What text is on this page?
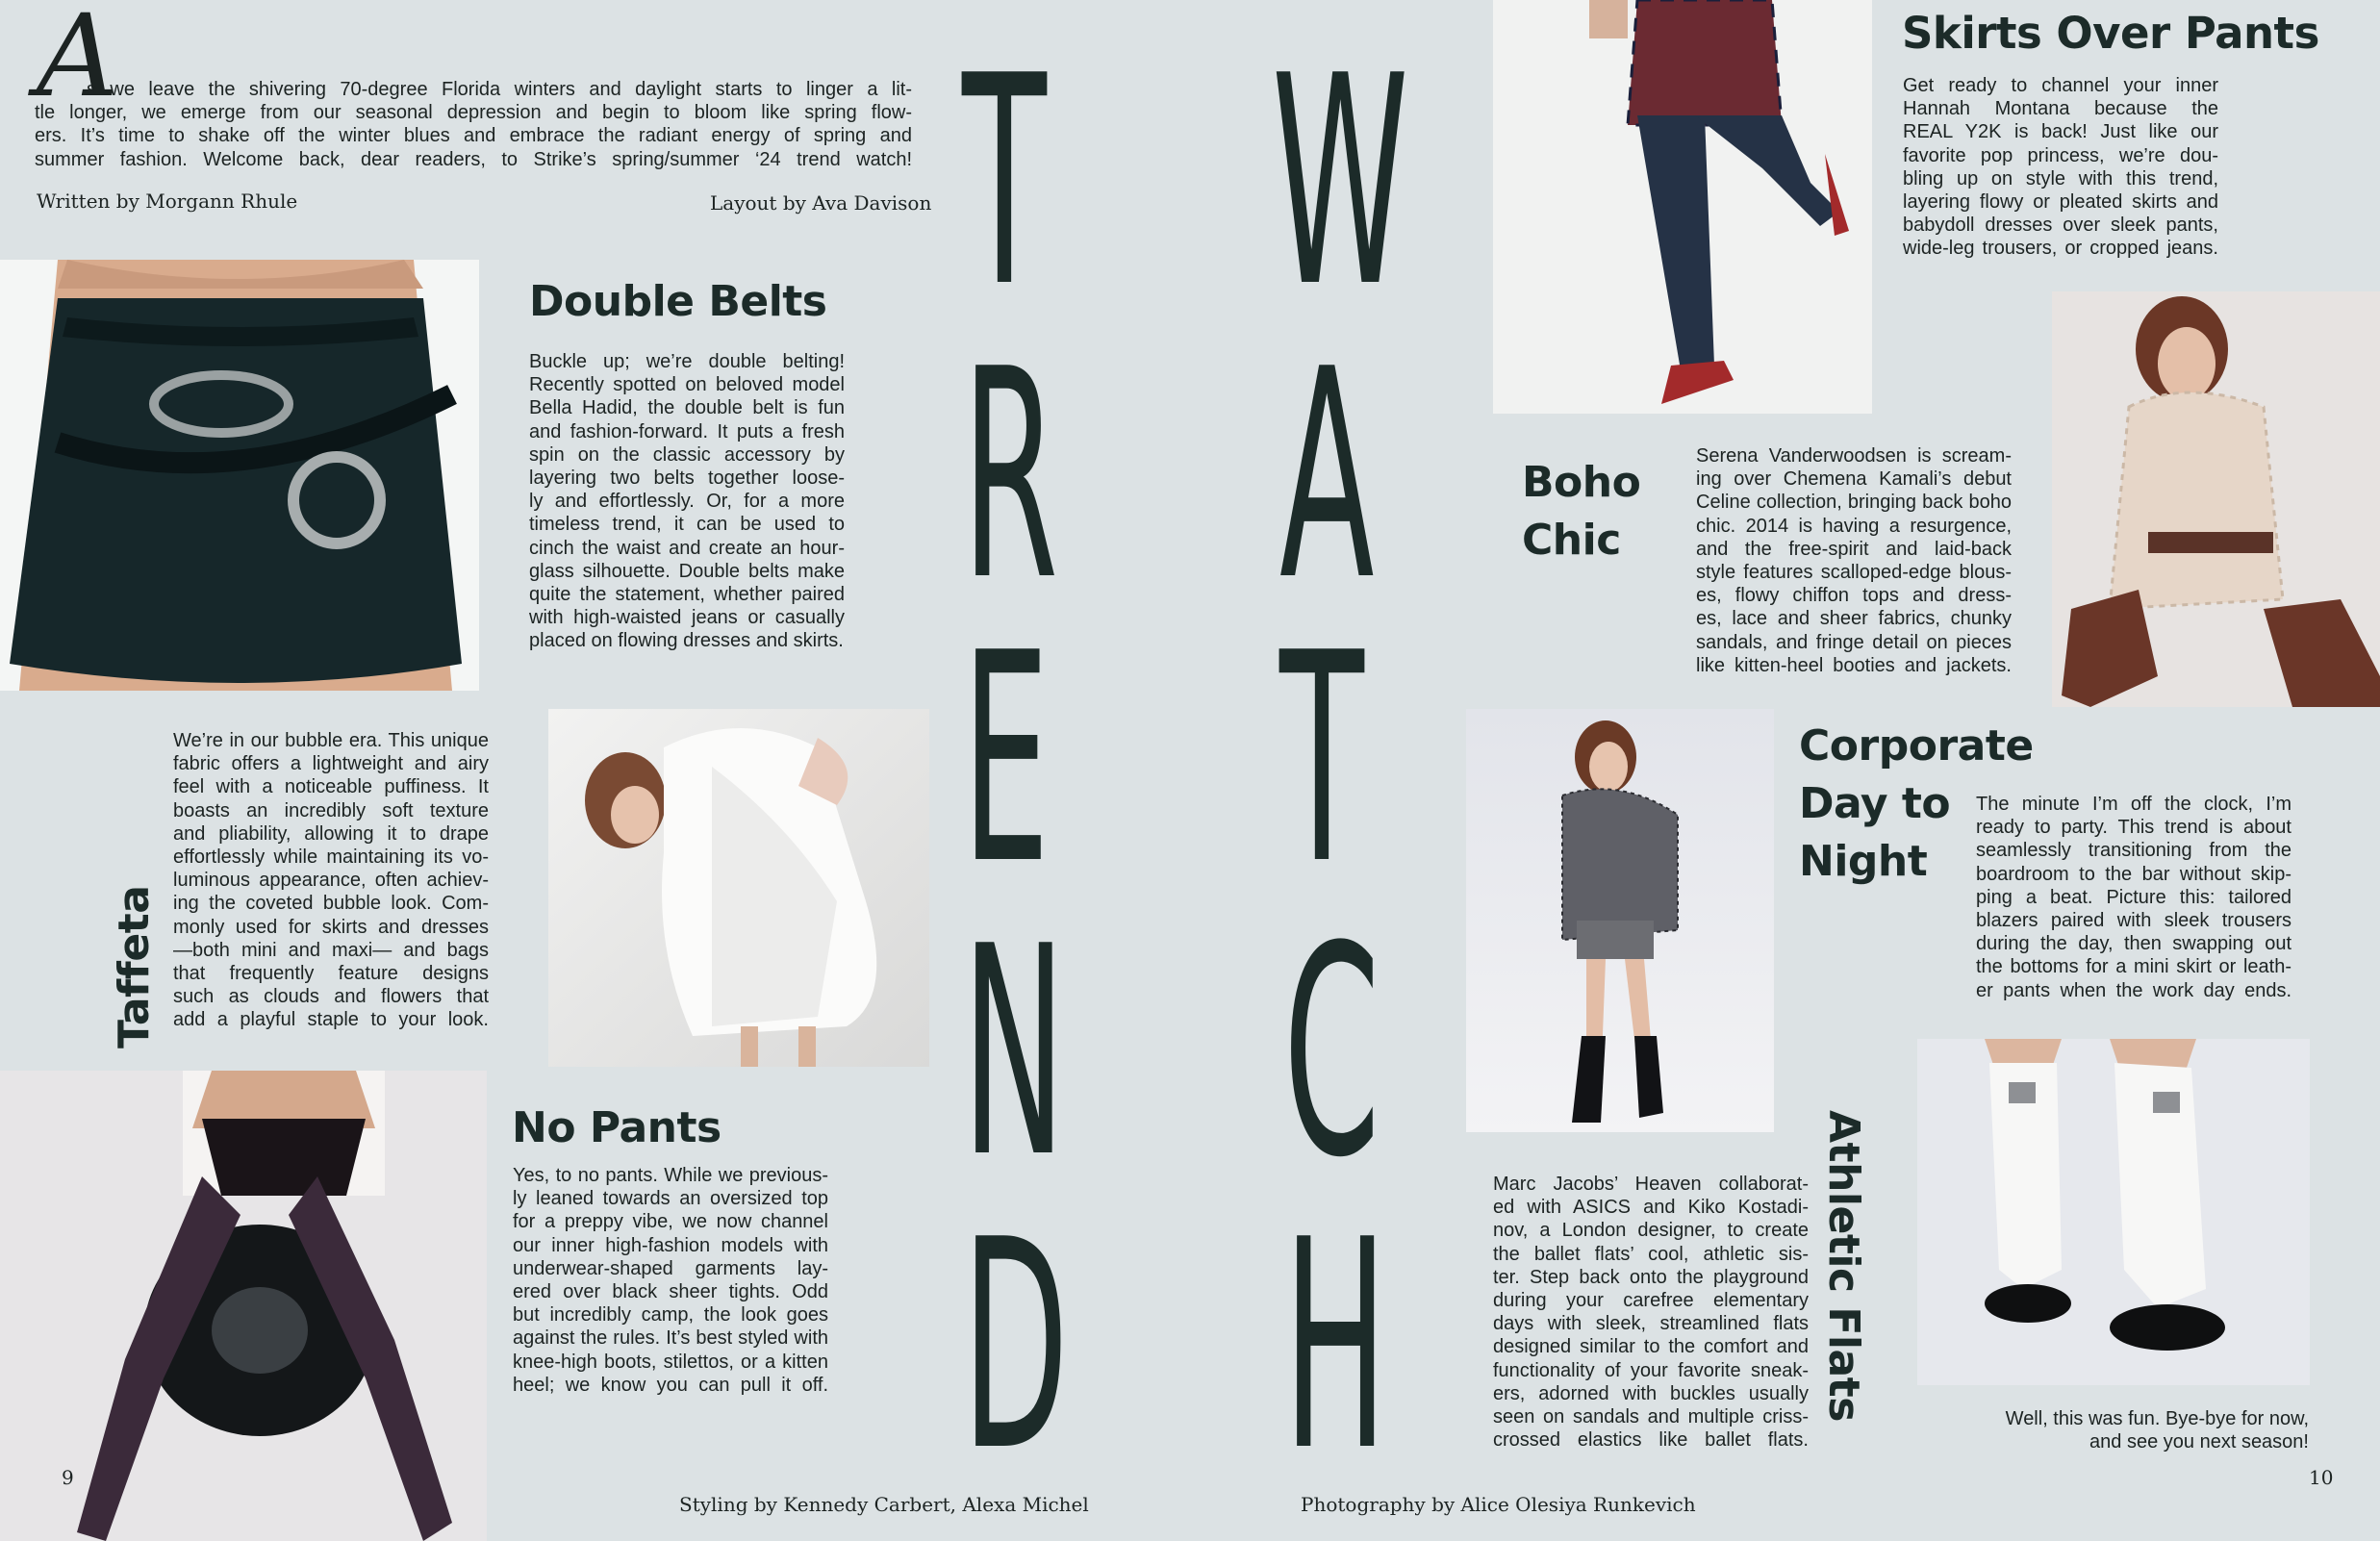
A
s we leave the shivering 70-degree Florida winters and daylight starts to linger a lit-
tle longer, we emerge from our seasonal depression and begin to bloom like spring flow-
ers. It’s time to shake off the winter blues and embrace the radiant energy of spring and
summer fashion. Welcome back, dear readers, to Strike’s spring/summer ‘24 trend watch!
Written by Morgann Rhule	Layout by Ava Davison T
R
E
N
D
W
A
T
C
H
Double Belts
Buckle up; we’re double belting!
Recently spotted on beloved model
Bella Hadid, the double belt is fun
and fashion-forward. It puts a fresh
spin on the classic accessory by
layering two belts together loose-
ly and effortlessly. Or, for a more
timeless trend, it can be used to
cinch the waist and create an hour-
glass silhouette. Double belts make
quite the statement, whether paired
with high-waisted jeans or casually
placed on flowing dresses and skirts.
Taffeta
We’re in our bubble era. This unique
fabric offers a lightweight and airy
feel with a noticeable puffiness. It
boasts an incredibly soft texture
and pliability, allowing it to drape
effortlessly while maintaining its vo-
luminous appearance, often achiev-
ing the coveted bubble look. Com-
monly used for skirts and dresses
—both mini and maxi— and bags
that frequently feature designs
such as clouds and flowers that
add a playful staple to your look.
No Pants
Yes, to no pants. While we previous-
ly leaned towards an oversized top
for a preppy vibe, we now channel
our inner high-fashion models with
underwear-shaped garments lay-
ered over black sheer tights. Odd
but incredibly camp, the look goes
against the rules. It’s best styled with
knee-high boots, stilettos, or a kitten
heel; we know you can pull it off.
Skirts Over Pants
Get ready to channel your inner
Hannah Montana because the
REAL Y2K is back! Just like our
favorite pop princess, we’re dou-
bling up on style with this trend,
layering flowy or pleated skirts and
babydoll dresses over sleek pants,
wide-leg trousers, or cropped jeans.
Boho
Chic
Serena Vanderwoodsen is scream-
ing over Chemena Kamali’s debut
Celine collection, bringing back boho
chic. 2014 is having a resurgence,
and the free-spirit and laid-back
style features scalloped-edge blous-
es, flowy chiffon tops and dress-
es, lace and sheer fabrics, chunky
sandals, and fringe detail on pieces
like kitten-heel booties and jackets.
Corporate
Day to
Night
The minute I’m off the clock, I’m
ready to party. This trend is about
seamlessly transitioning from the
boardroom to the bar without skip-
ping a beat. Picture this: tailored
blazers paired with sleek trousers
during the day, then swapping out
the bottoms for a mini skirt or leath-
er pants when the work day ends.
Athletic Flats
Marc Jacobs’ Heaven collaborat-
ed with ASICS and Kiko Kostadi-
nov, a London designer, to create
the ballet flats’ cool, athletic sis-
ter. Step back onto the playground
during your carefree elementary
days with sleek, streamlined flats
designed similar to the comfort and
functionality of your favorite sneak-
ers, adorned with buckles usually
seen on sandals and multiple criss-
crossed elastics like ballet flats.
Well, this was fun. Bye-bye for now,
and see you next season!
Styling by Kennedy Carbert, Alexa Michel	Photography by Alice Olesiya Runkevich
9	10
